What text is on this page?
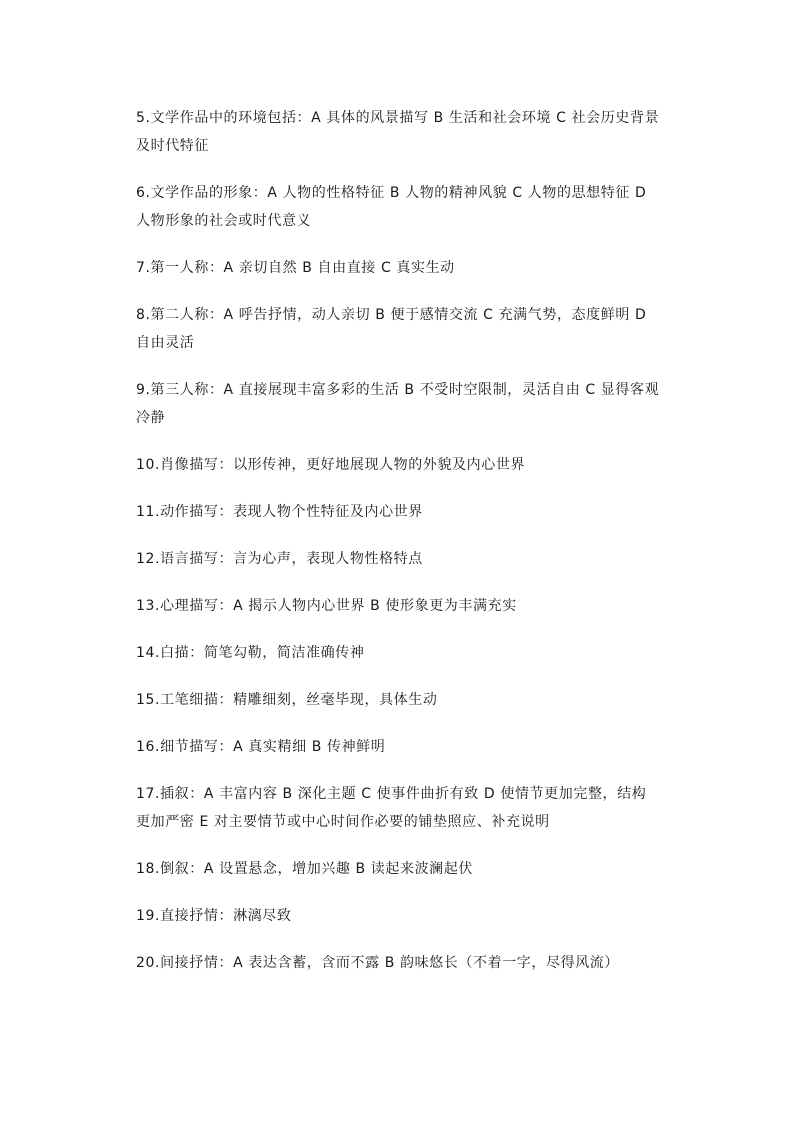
5.文学作品中的环境包括：A 具体的风景描写 B 生活和社会环境 C 社会历史背景及时代特征

6.文学作品的形象：A 人物的性格特征 B 人物的精神风貌 C 人物的思想特征 D 人物形象的社会或时代意义

7.第一人称：A 亲切自然 B 自由直接 C 真实生动

8.第二人称：A 呼告抒情，动人亲切 B 便于感情交流 C 充满气势，态度鲜明 D 自由灵活

9.第三人称：A 直接展现丰富多彩的生活 B 不受时空限制，灵活自由 C 显得客观冷静

10.肖像描写：以形传神，更好地展现人物的外貌及内心世界

11.动作描写：表现人物个性特征及内心世界

12.语言描写：言为心声，表现人物性格特点

13.心理描写：A 揭示人物内心世界 B 使形象更为丰满充实

14.白描：简笔勾勒，简洁准确传神

15.工笔细描：精雕细刻，丝毫毕现，具体生动

16.细节描写：A 真实精细 B 传神鲜明

17.插叙：A 丰富内容 B 深化主题 C 使事件曲折有致 D 使情节更加完整，结构更加严密 E 对主要情节或中心时间作必要的铺垫照应、补充说明

18.倒叙：A 设置悬念，增加兴趣 B 读起来波澜起伏

19.直接抒情：淋漓尽致

20.间接抒情：A 表达含蓄，含而不露 B 韵味悠长（不着一字，尽得风流）
